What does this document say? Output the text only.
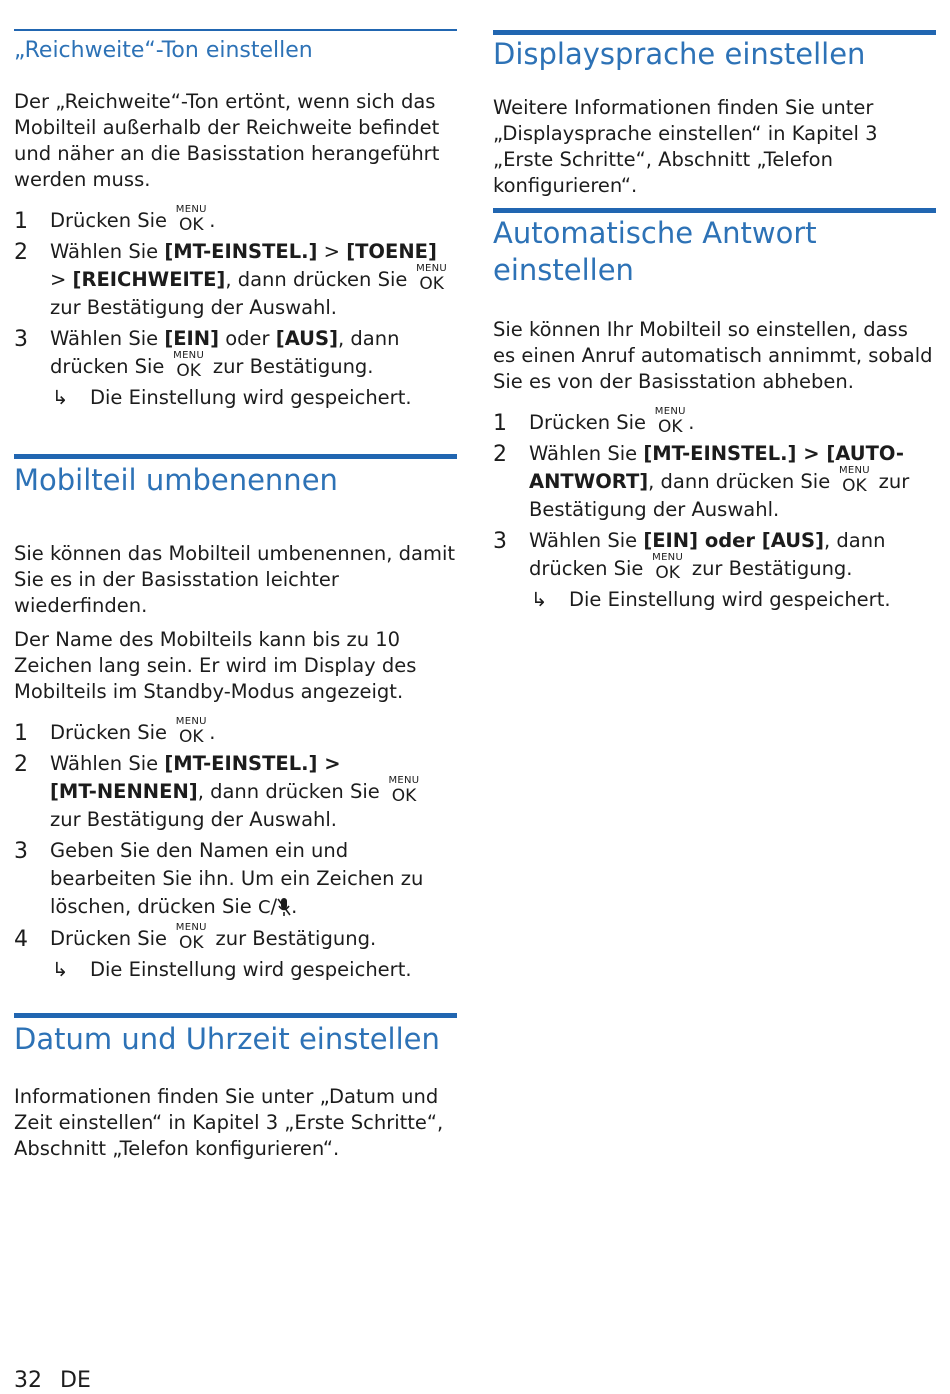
„Reichweite“-Ton einstellen

Der „Reichweite“-Ton ertönt, wenn sich das Mobilteil außerhalb der Reichweite befindet und näher an die Basisstation herangeführt werden muss.

1 Drücken Sie MENU
OK .
2 Wählen Sie [MT-EINSTEL.] > [TOENE] > [REICHWEITE], dann drücken Sie MENU
OK
zur Bestätigung der Auswahl.
3 Wählen Sie [EIN] oder [AUS], dann drücken Sie MENU
OK zur Bestätigung.
↳ Die Einstellung wird gespeichert.
Mobilteil umbenennen

Sie können das Mobilteil umbenennen, damit Sie es in der Basisstation leichter wiederfinden.

Der Name des Mobilteils kann bis zu 10 Zeichen lang sein. Er wird im Display des Mobilteils im Standby-Modus angezeigt.

1 Drücken Sie MENU
OK .
2 Wählen Sie [MT-EINSTEL.] >
[MT-NENNEN], dann drücken Sie MENU
OK

zur Bestätigung der Auswahl.
3 Geben Sie den Namen ein und bearbeiten Sie ihn. Um ein Zeichen zu löschen, drücken Sie C/ .
4 Drücken Sie MENU
OK zur Bestätigung.
↳ Die Einstellung wird gespeichert.
Datum und Uhrzeit einstellen

Informationen finden Sie unter „Datum und Zeit einstellen“ in Kapitel 3 „Erste Schritte“, Abschnitt „Telefon konfigurieren“.

Displaysprache einstellen

Weitere Informationen finden Sie unter „Displaysprache einstellen“ in Kapitel 3 „Erste Schritte“, Abschnitt „Telefon konfigurieren“.

Automatische Antwort einstellen

Sie können Ihr Mobilteil so einstellen, dass es einen Anruf automatisch annimmt, sobald Sie es von der Basisstation abheben.

1 Drücken Sie MENU
OK .
2 Wählen Sie [MT-EINSTEL.] > [AUTO-ANTWORT], dann drücken Sie MENU
OK zur Bestätigung der Auswahl.
3 Wählen Sie [EIN] oder [AUS], dann drücken Sie MENU
OK zur Bestätigung.
↳ Die Einstellung wird gespeichert.
32 DE
